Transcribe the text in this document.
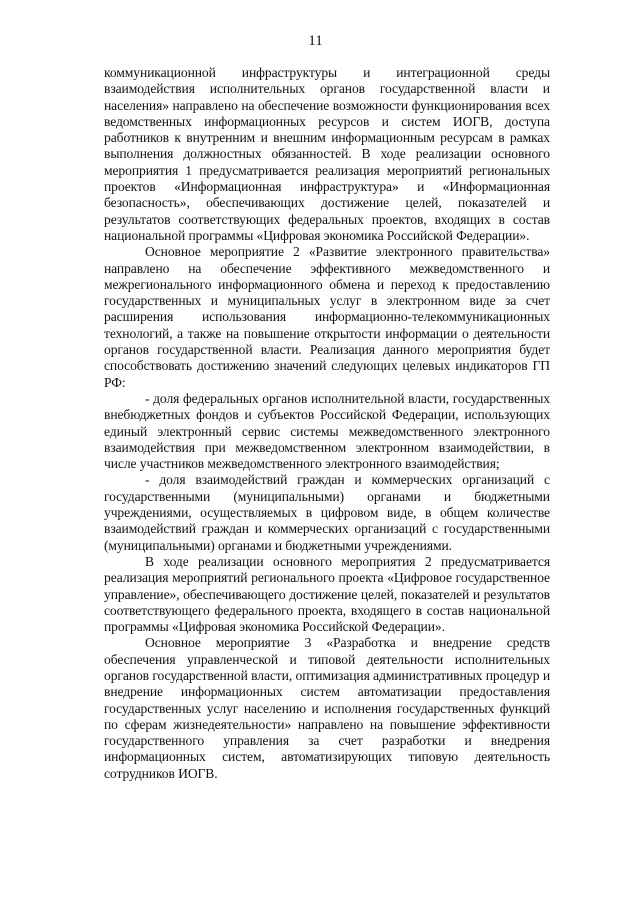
11

коммуникационной инфраструктуры и интеграционной среды взаимодействия исполнительных органов государственной власти и населения» направлено на обеспечение возможности функционирования всех ведомственных информационных ресурсов и систем ИОГВ, доступа работников к внутренним и внешним информационным ресурсам в рамках выполнения должностных обязанностей. В ходе реализации основного мероприятия 1 предусматривается реализация мероприятий региональных проектов «Информационная инфраструктура» и «Информационная безопасность», обеспечивающих достижение целей, показателей и результатов соответствующих федеральных проектов, входящих в состав национальной программы «Цифровая экономика Российской Федерации».

Основное мероприятие 2 «Развитие электронного правительства» направлено на обеспечение эффективного межведомственного и межрегионального информационного обмена и переход к предоставлению государственных и муниципальных услуг в электронном виде за счет расширения использования информационно-телекоммуникационных технологий, а также на повышение открытости информации о деятельности органов государственной власти. Реализация данного мероприятия будет способствовать достижению значений следующих целевых индикаторов ГП РФ:

- доля федеральных органов исполнительной власти, государственных внебюджетных фондов и субъектов Российской Федерации, использующих единый электронный сервис системы межведомственного электронного взаимодействия при межведомственном электронном взаимодействии, в числе участников межведомственного электронного взаимодействия;

- доля взаимодействий граждан и коммерческих организаций с государственными (муниципальными) органами и бюджетными учреждениями, осуществляемых в цифровом виде, в общем количестве взаимодействий граждан и коммерческих организаций с государственными (муниципальными) органами и бюджетными учреждениями.

В ходе реализации основного мероприятия 2 предусматривается реализация мероприятий регионального проекта «Цифровое государственное управление», обеспечивающего достижение целей, показателей и результатов соответствующего федерального проекта, входящего в состав национальной программы «Цифровая экономика Российской Федерации».

Основное мероприятие 3 «Разработка и внедрение средств обеспечения управленческой и типовой деятельности исполнительных органов государственной власти, оптимизация административных процедур и внедрение информационных систем автоматизации предоставления государственных услуг населению и исполнения государственных функций по сферам жизнедеятельности» направлено на повышение эффективности государственного управления за счет разработки и внедрения информационных систем, автоматизирующих типовую деятельность сотрудников ИОГВ.
